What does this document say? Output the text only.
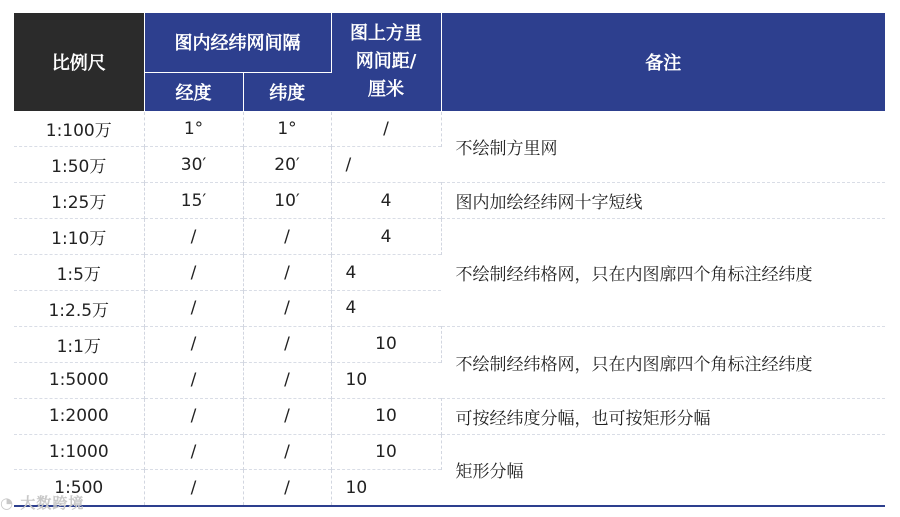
比例尺	图内经纬网间隔		图上方里网间距/厘米	备注
	经度	纬度		
1:100万	1°	1°	/	不绘制方里网
1:50万	30′	20′	/	
1:25万	15′	10′	4	图内加绘经纬网十字短线
1:10万	/	/	4	不绘制经纬格网，只在内图廓四个角标注经纬度
1:5万	/	/	4	
1:2.5万	/	/	4	
1:1万	/	/	10	不绘制经纬格网，只在内图廓四个角标注经纬度
1:5000	/	/	10	
1:2000	/	/	10	可按经纬度分幅，也可按矩形分幅
1:1000	/	/	10	矩形分幅
1:500	/	/	10	
◔ 大数跨境
